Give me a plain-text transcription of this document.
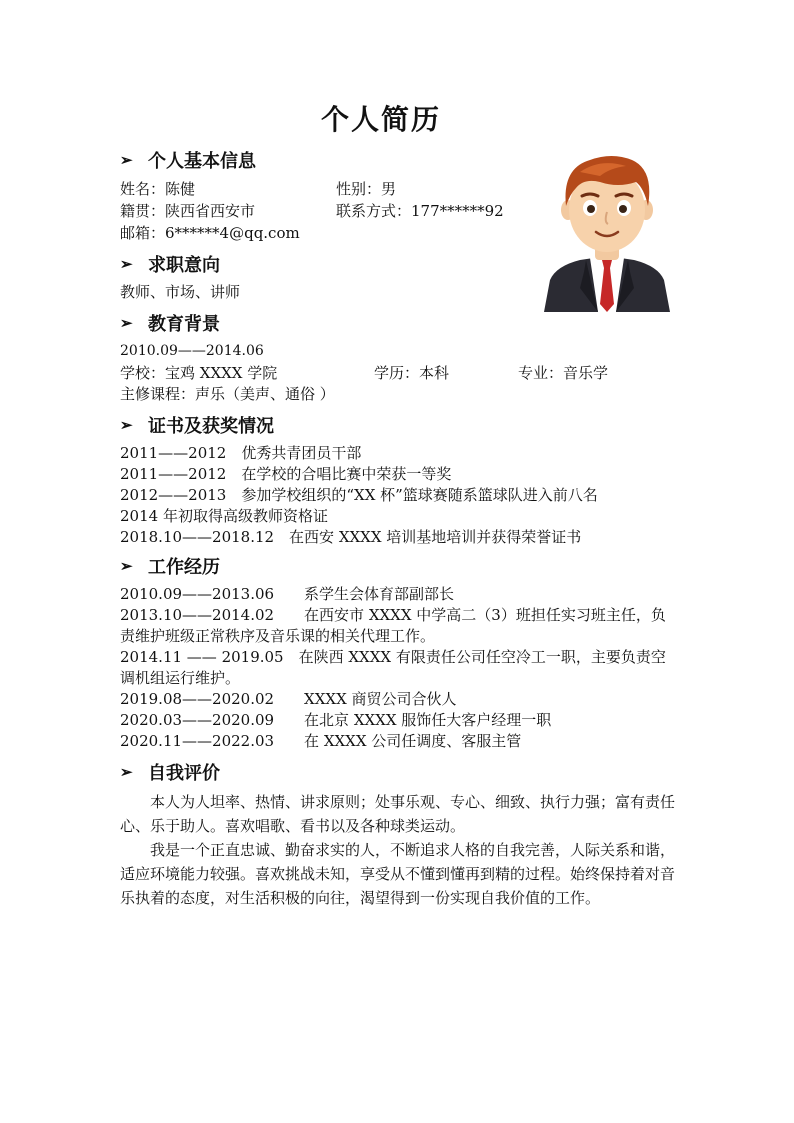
个人简历
➢ 个人基本信息
姓名：陈健	性别：男
籍贯：陕西省西安市	联系方式：177******92
邮箱：6******4@qq.com
➢ 求职意向
教师、市场、讲师
➢ 教育背景
2010.09——2014.06
学校：宝鸡 XXXX 学院	学历：本科	专业：音乐学
主修课程：声乐（美声、通俗 ）
➢ 证书及获奖情况
2011——2012　优秀共青团员干部
2011——2012　在学校的合唱比赛中荣获一等奖
2012——2013　参加学校组织的“XX 杯”篮球赛随系篮球队进入前八名
2014 年初取得高级教师资格证
2018.10——2018.12　在西安 XXXX 培训基地培训并获得荣誉证书
➢ 工作经历
2010.09——2013.06　　系学生会体育部副部长
2013.10——2014.02　　在西安市 XXXX 中学高二（3）班担任实习班主任，负责维护班级正常秩序及音乐课的相关代理工作。
2014.11 —— 2019.05　在陕西 XXXX 有限责任公司任空冷工一职，主要负责空调机组运行维护。
2019.08——2020.02　　XXXX 商贸公司合伙人
2020.03——2020.09　　在北京 XXXX 服饰任大客户经理一职
2020.11——2022.03　　在 XXXX 公司任调度、客服主管
➢ 自我评价

本人为人坦率、热情、讲求原则；处事乐观、专心、细致、执行力强；富有责任心、乐于助人。喜欢唱歌、看书以及各种球类运动。

我是一个正直忠诚、勤奋求实的人，不断追求人格的自我完善，人际关系和谐，适应环境能力较强。喜欢挑战未知，享受从不懂到懂再到精的过程。始终保持着对音乐执着的态度，对生活积极的向往，渴望得到一份实现自我价值的工作。
